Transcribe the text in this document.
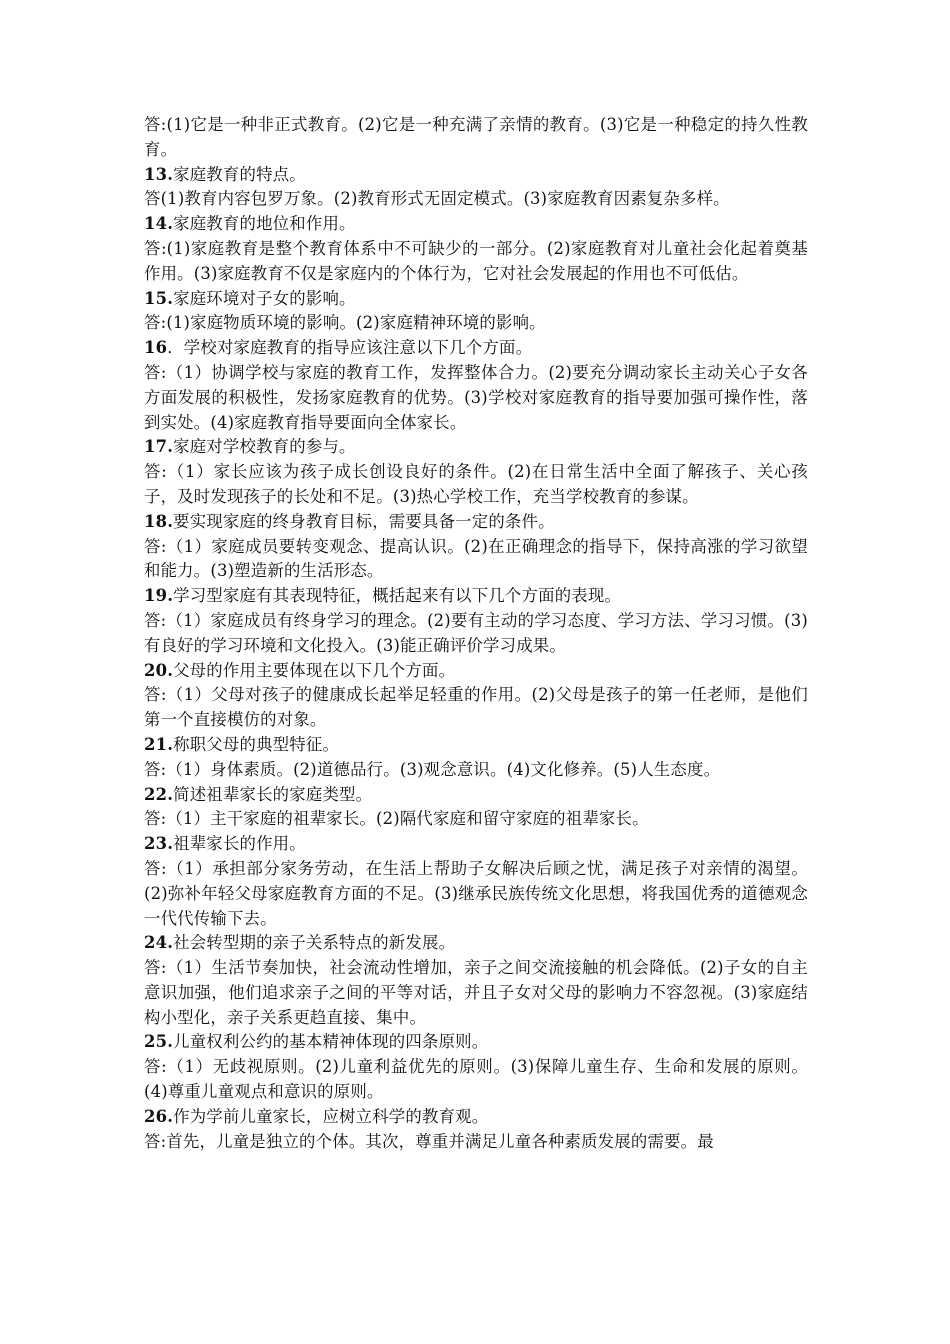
答:(1)它是一种非正式教育。(2)它是一种充满了亲情的教育。(3)它是一种稳定的持久性教育。
13.家庭教育的特点。
答(1)教育内容包罗万象。(2)教育形式无固定模式。(3)家庭教育因素复杂多样。
14.家庭教育的地位和作用。
答:(1)家庭教育是整个教育体系中不可缺少的一部分。(2)家庭教育对儿童社会化起着奠基作用。(3)家庭教育不仅是家庭内的个体行为，它对社会发展起的作用也不可低估。
15.家庭环境对子女的影响。
答:(1)家庭物质环境的影响。(2)家庭精神环境的影响。
16．学校对家庭教育的指导应该注意以下几个方面。
答:（1）协调学校与家庭的教育工作，发挥整体合力。(2)要充分调动家长主动关心子女各方面发展的积极性，发扬家庭教育的优势。(3)学校对家庭教育的指导要加强可操作性，落到实处。(4)家庭教育指导要面向全体家长。
17.家庭对学校教育的参与。
答:（1）家长应该为孩子成长创设良好的条件。(2)在日常生活中全面了解孩子、关心孩子，及时发现孩子的长处和不足。(3)热心学校工作，充当学校教育的参谋。
18.要实现家庭的终身教育目标，需要具备一定的条件。
答:（1）家庭成员要转变观念、提高认识。(2)在正确理念的指导下，保持高涨的学习欲望和能力。(3)塑造新的生活形态。
19.学习型家庭有其表现特征，概括起来有以下几个方面的表现。
答:（1）家庭成员有终身学习的理念。(2)要有主动的学习态度、学习方法、学习习惯。(3)有良好的学习环境和文化投入。(3)能正确评价学习成果。
20.父母的作用主要体现在以下几个方面。
答:（1）父母对孩子的健康成长起举足轻重的作用。(2)父母是孩子的第一任老师，是他们第一个直接模仿的对象。
21.称职父母的典型特征。
答:（1）身体素质。(2)道德品行。(3)观念意识。(4)文化修养。(5)人生态度。
22.简述祖辈家长的家庭类型。
答:（1）主干家庭的祖辈家长。(2)隔代家庭和留守家庭的祖辈家长。
23.祖辈家长的作用。
答:（1）承担部分家务劳动，在生活上帮助子女解决后顾之忧，满足孩子对亲情的渴望。(2)弥补年轻父母家庭教育方面的不足。(3)继承民族传统文化思想，将我国优秀的道德观念一代代传输下去。
24.社会转型期的亲子关系特点的新发展。
答:（1）生活节奏加快，社会流动性增加，亲子之间交流接触的机会降低。(2)子女的自主意识加强，他们追求亲子之间的平等对话，并且子女对父母的影响力不容忽视。(3)家庭结构小型化，亲子关系更趋直接、集中。
25.儿童权利公约的基本精神体现的四条原则。
答:（1）无歧视原则。(2)儿童利益优先的原则。(3)保障儿童生存、生命和发展的原则。(4)尊重儿童观点和意识的原则。
26.作为学前儿童家长，应树立科学的教育观。
答:首先，儿童是独立的个体。其次，尊重并满足儿童各种素质发展的需要。最
